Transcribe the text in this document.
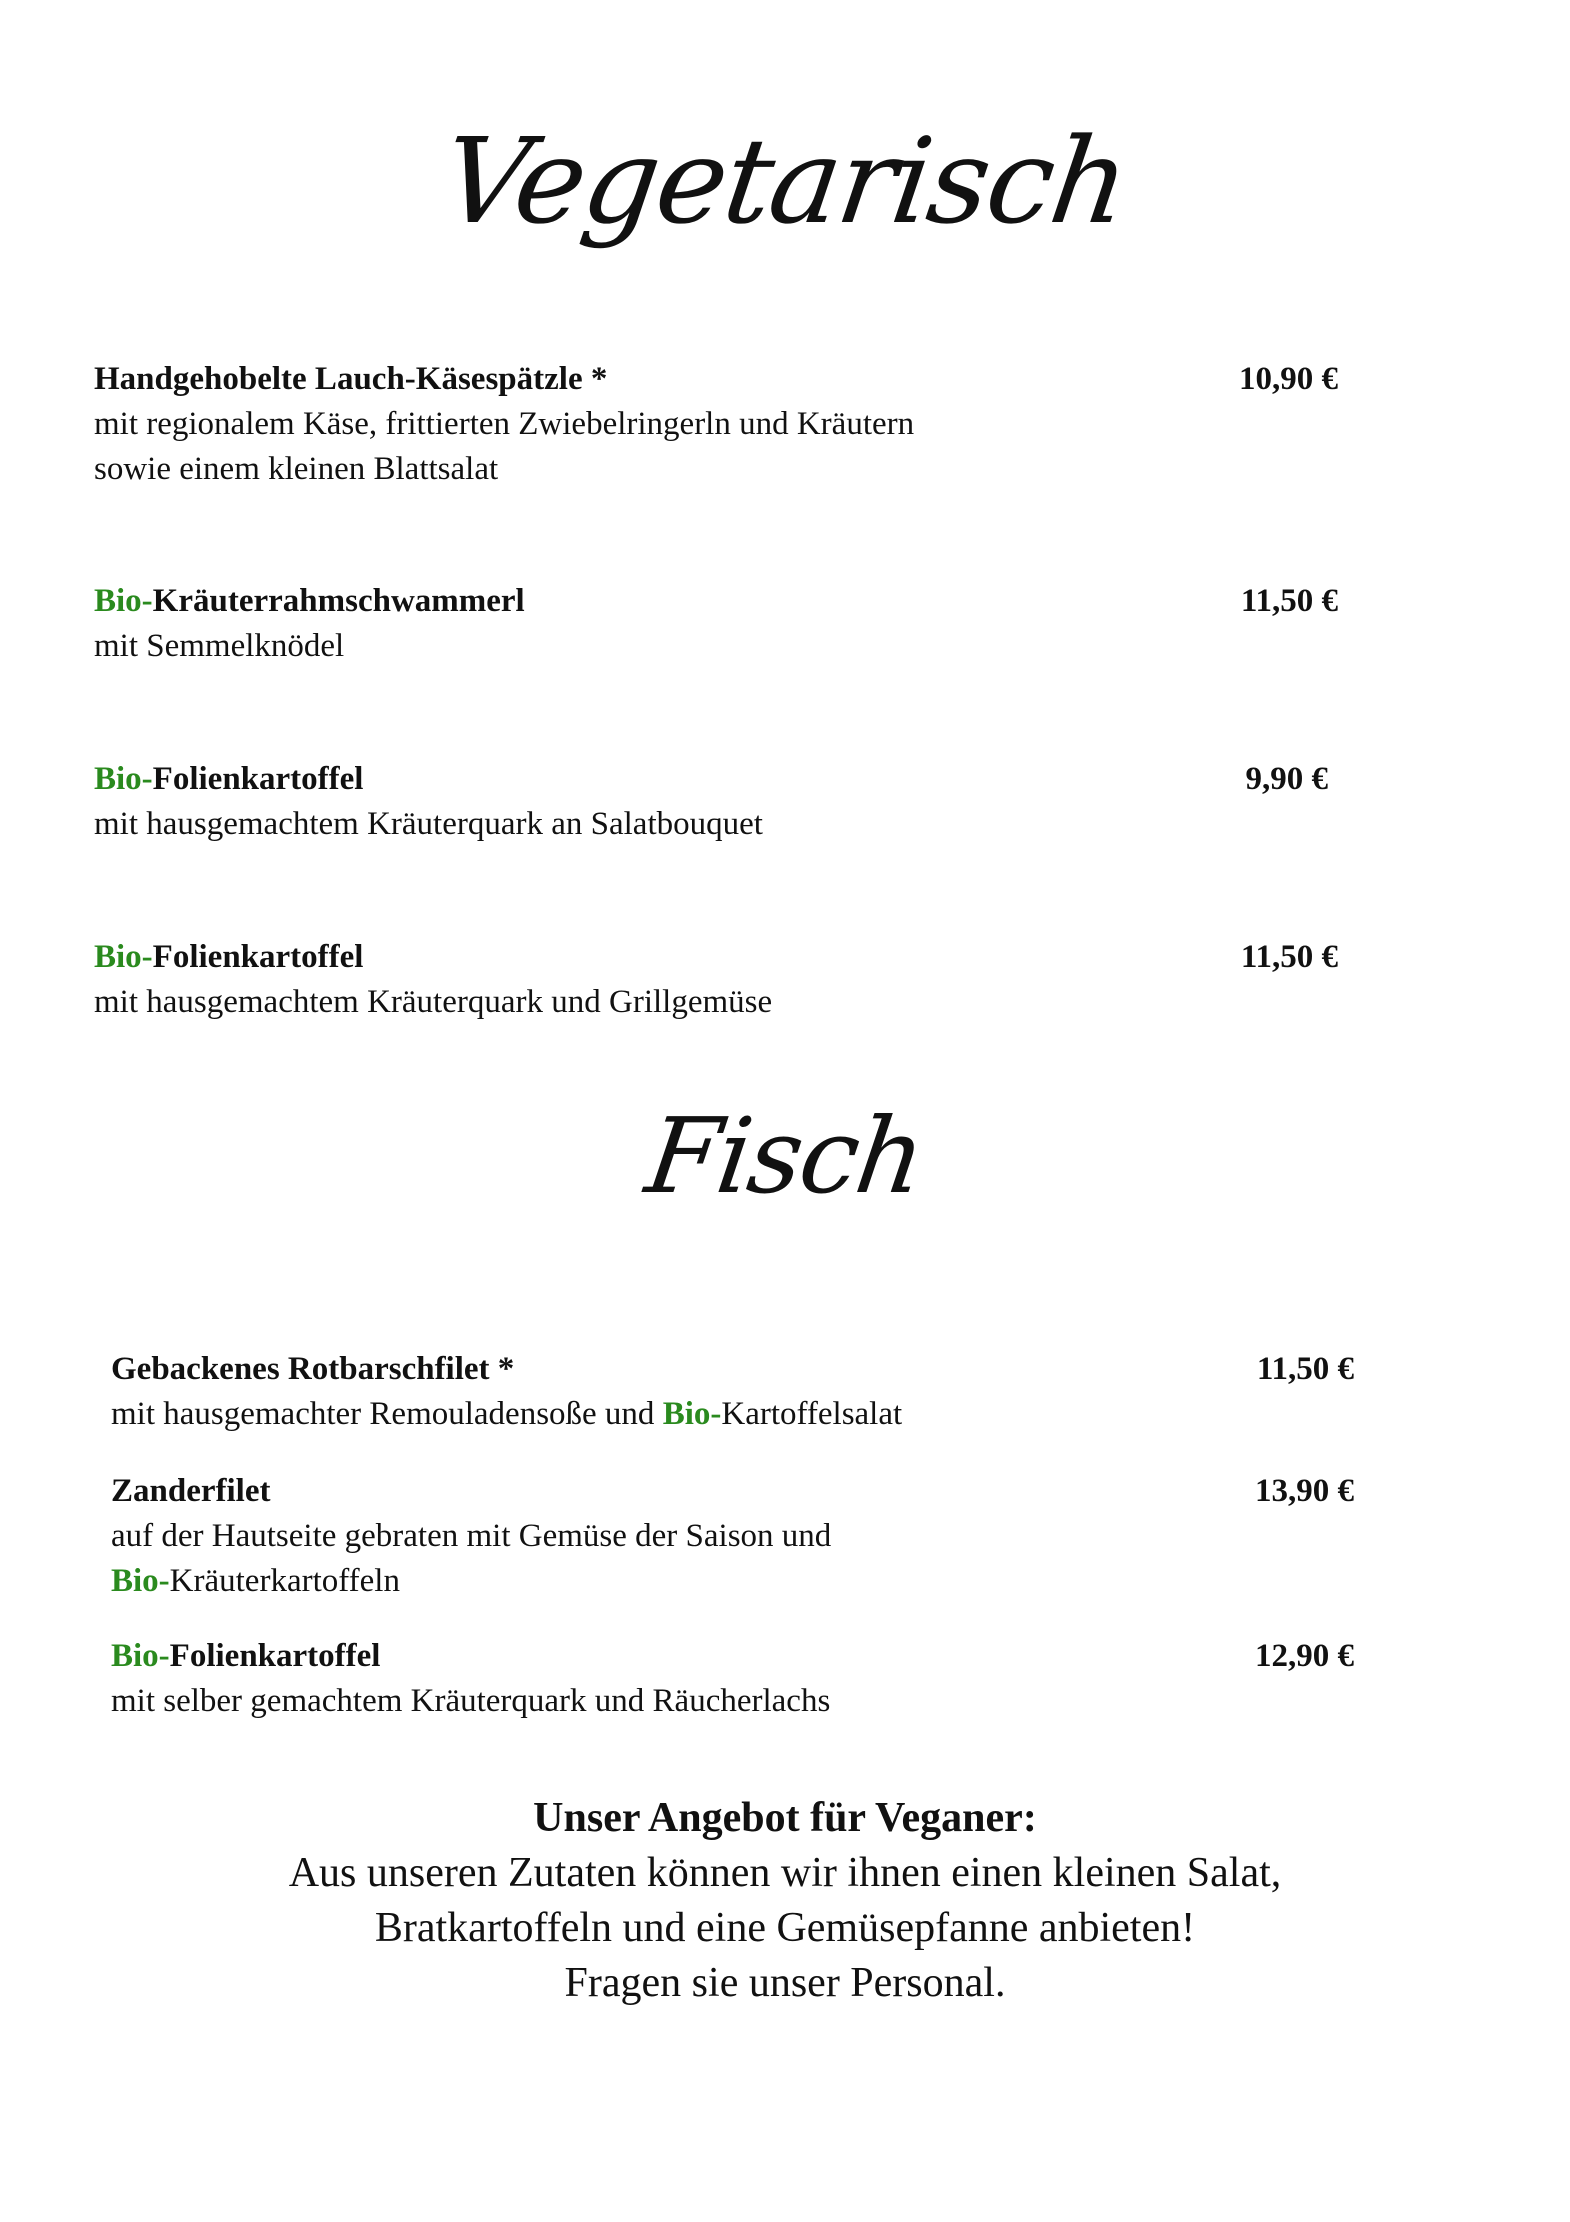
Vegetarisch
Handgehobelte Lauch-Käsespätzle *
mit regionalem Käse, frittierten Zwiebelringerln und Kräutern
sowie einem kleinen Blattsalat
10,90 €
Bio-Kräuterrahmschwammerl
mit Semmelknödel
11,50 €
Bio-Folienkartoffel
mit hausgemachtem Kräuterquark an Salatbouquet
9,90 €
Bio-Folienkartoffel
mit hausgemachtem Kräuterquark und Grillgemüse
11,50 €
Fisch
Gebackenes Rotbarschfilet *
mit hausgemachter Remouladensoße und Bio-Kartoffelsalat
11,50 €
Zanderfilet
auf der Hautseite gebraten mit Gemüse der Saison und
Bio-Kräuterkartoffeln
13,90 €
Bio-Folienkartoffel
mit selber gemachtem Kräuterquark und Räucherlachs
12,90 €
Unser Angebot für Veganer:
Aus unseren Zutaten können wir ihnen einen kleinen Salat,
Bratkartoffeln und eine Gemüsepfanne anbieten!
Fragen sie unser Personal.
